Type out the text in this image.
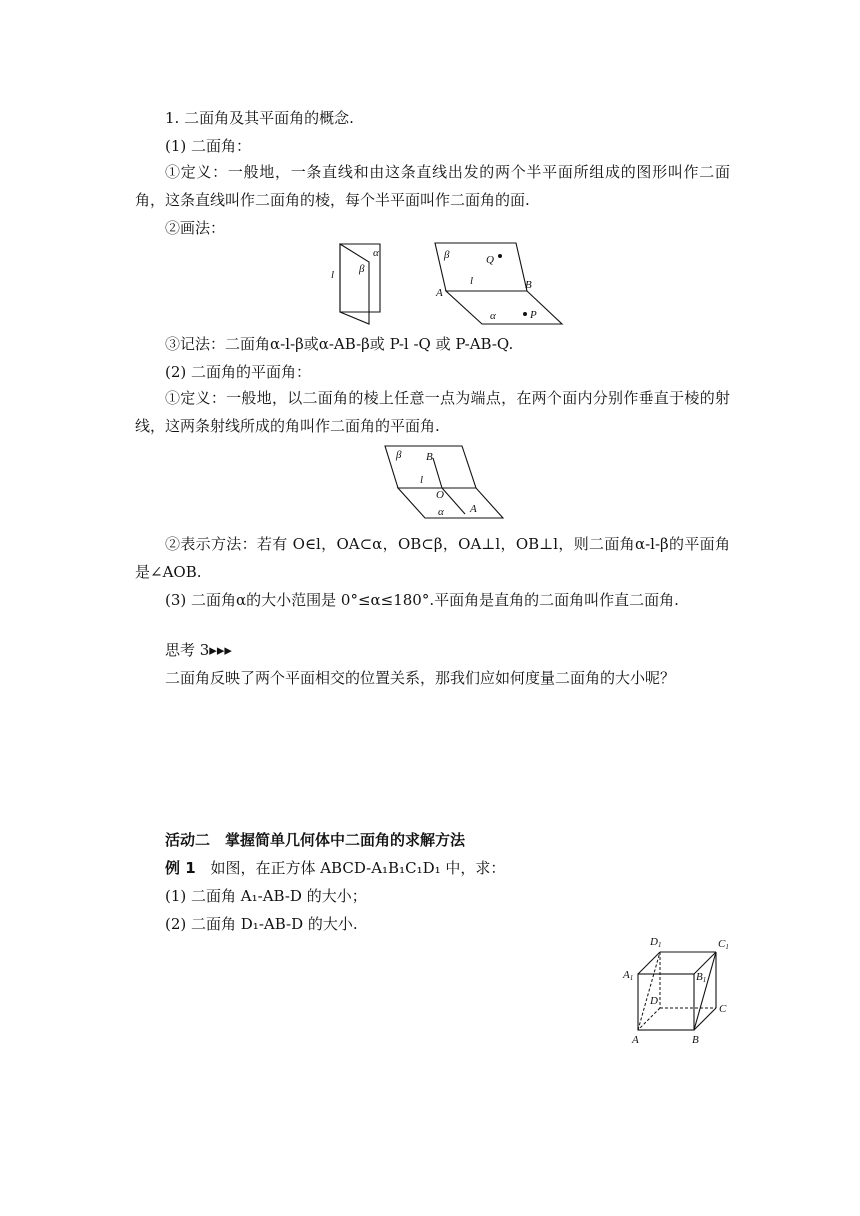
1. 二面角及其平面角的概念.
(1) 二面角：
①定义：一般地，一条直线和由这条直线出发的两个半平面所组成的图形叫作二面角，这条直线叫作二面角的棱，每个半平面叫作二面角的面.
②画法：
α
β
l
β	Q
B
A
l
α	P
③记法：二面角α-l-β或α-AB-β或 P-l -Q 或 P-AB-Q.
(2) 二面角的平面角：
①定义：一般地，以二面角的棱上任意一点为端点，在两个面内分别作垂直于棱的射线，这两条射线所成的角叫作二面角的平面角.
β B
l
O
α A
②表示方法：若有 O∈l，OA⊂α，OB⊂β，OA⊥l，OB⊥l，则二面角α-l-β的平面角是∠AOB.
(3) 二面角α的大小范围是 0°≤α≤180°.平面角是直角的二面角叫作直二面角.
思考 3▸▸▸
二面角反映了两个平面相交的位置关系，那我们应如何度量二面角的大小呢？
活动二　掌握简单几何体中二面角的求解方法
例 1 如图，在正方体 ABCD-A₁B₁C₁D₁ 中，求：
(1) 二面角 A₁-AB-D 的大小；
(2) 二面角 D₁-AB-D 的大小.
D1	C1
A1	B1
B
A
D
C
